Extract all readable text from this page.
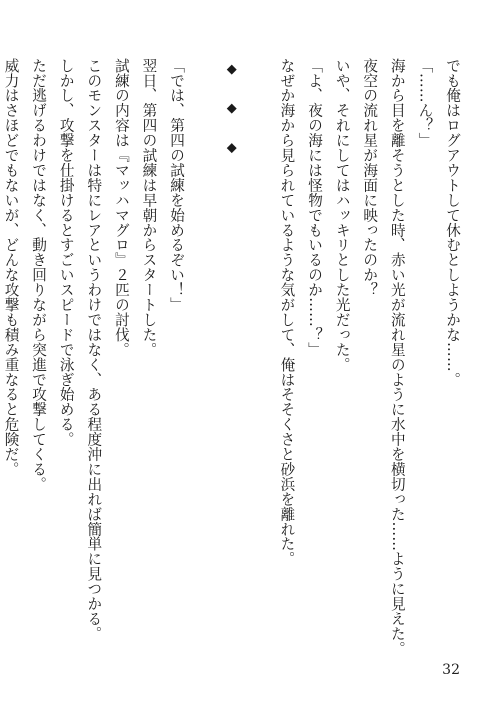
でも俺はログアウトして休むとしようかな……。
「……ん？」
海から目を離そうとした時、赤い光が流れ星のように水中を横切った……ように見えた。
夜空の流れ星が海面に映ったのか？
いや、それにしてはハッキリとした光だった。
「よ、夜の海には怪物でもいるのか……？」
なぜか海から見られているような気がして、俺はそそくさと砂浜を離れた。
◆ ◆ ◆
「では、第四の試練を始めるぞい！」
翌日、第四の試練は早朝からスタートした。
試練の内容は『マッハマグロ』２匹の討伐。
このモンスターは特にレアというわけではなく、ある程度沖に出れば簡単に見つかる。
しかし、攻撃を仕掛けるとすごいスピードで泳ぎ始める。
ただ逃げるわけではなく、動き回りながら突進で攻撃してくる。
威力はさほどでもないが、どんな攻撃も積み重なると危険だ。
32
